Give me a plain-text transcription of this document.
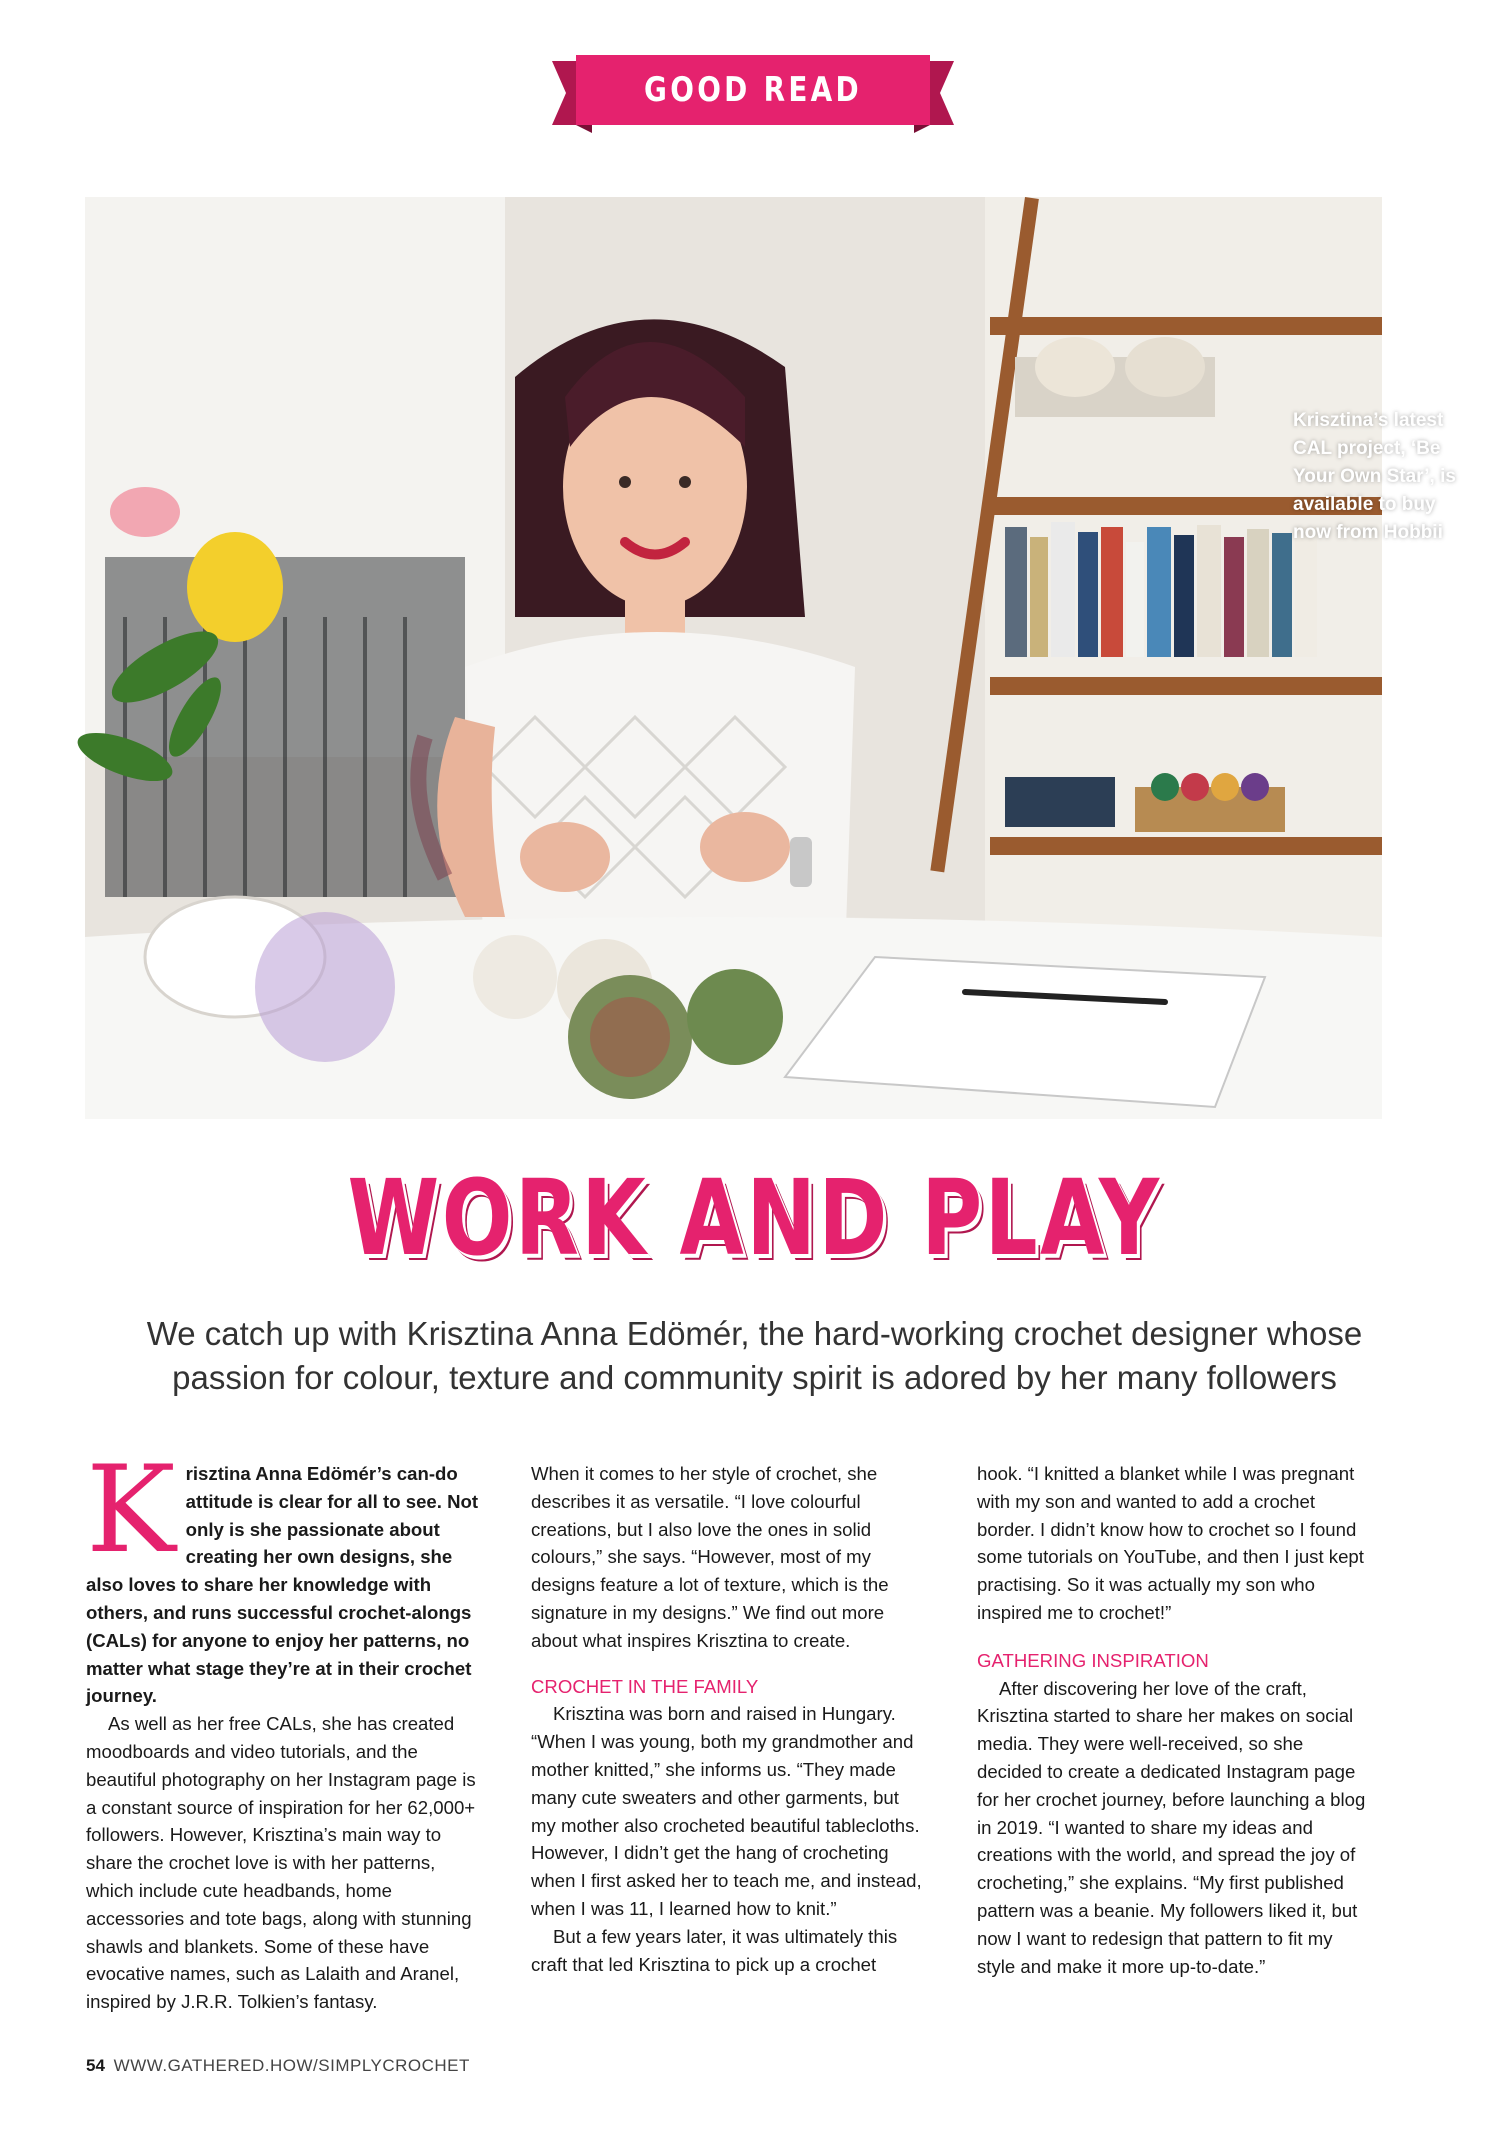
GOOD READ
Krisztina’s latest CAL project, ‘Be Your Own Star’, is available to buy now from Hobbii
WORK AND PLAY
We catch up with Krisztina Anna Edömér, the hard-working crochet designer whose passion for colour, texture and community spirit is adored by her many followers

Krisztina Anna Edömér’s can-do attitude is clear for all to see. Not only is she passionate about creating her own designs, she also loves to share her knowledge with others, and runs successful crochet-alongs (CALs) for anyone to enjoy her patterns, no matter what stage they’re at in their crochet journey.

As well as her free CALs, she has created moodboards and video tutorials, and the beautiful photography on her Instagram page is a constant source of inspiration for her 62,000+ followers. However, Krisztina’s main way to share the crochet love is with her patterns, which include cute headbands, home accessories and tote bags, along with stunning shawls and blankets. Some of these have evocative names, such as Lalaith and Aranel, inspired by J.R.R. Tolkien’s fantasy.

When it comes to her style of crochet, she describes it as versatile. “I love colourful creations, but I also love the ones in solid colours,” she says. “However, most of my designs feature a lot of texture, which is the signature in my designs.” We find out more about what inspires Krisztina to create.

CROCHET IN THE FAMILY

Krisztina was born and raised in Hungary. “When I was young, both my grandmother and mother knitted,” she informs us. “They made many cute sweaters and other garments, but my mother also crocheted beautiful tablecloths. However, I didn’t get the hang of crocheting when I first asked her to teach me, and instead, when I was 11, I learned how to knit.”

But a few years later, it was ultimately this craft that led Krisztina to pick up a crochet

hook. “I knitted a blanket while I was pregnant with my son and wanted to add a crochet border. I didn’t know how to crochet so I found some tutorials on YouTube, and then I just kept practising. So it was actually my son who inspired me to crochet!”

GATHERING INSPIRATION

After discovering her love of the craft, Krisztina started to share her makes on social media. They were well-received, so she decided to create a dedicated Instagram page for her crochet journey, before launching a blog in 2019. “I wanted to share my ideas and creations with the world, and spread the joy of crocheting,” she explains. “My first published pattern was a beanie. My followers liked it, but now I want to redesign that pattern to fit my style and make it more up-to-date.”

54 WWW.GATHERED.HOW/SIMPLYCROCHET
